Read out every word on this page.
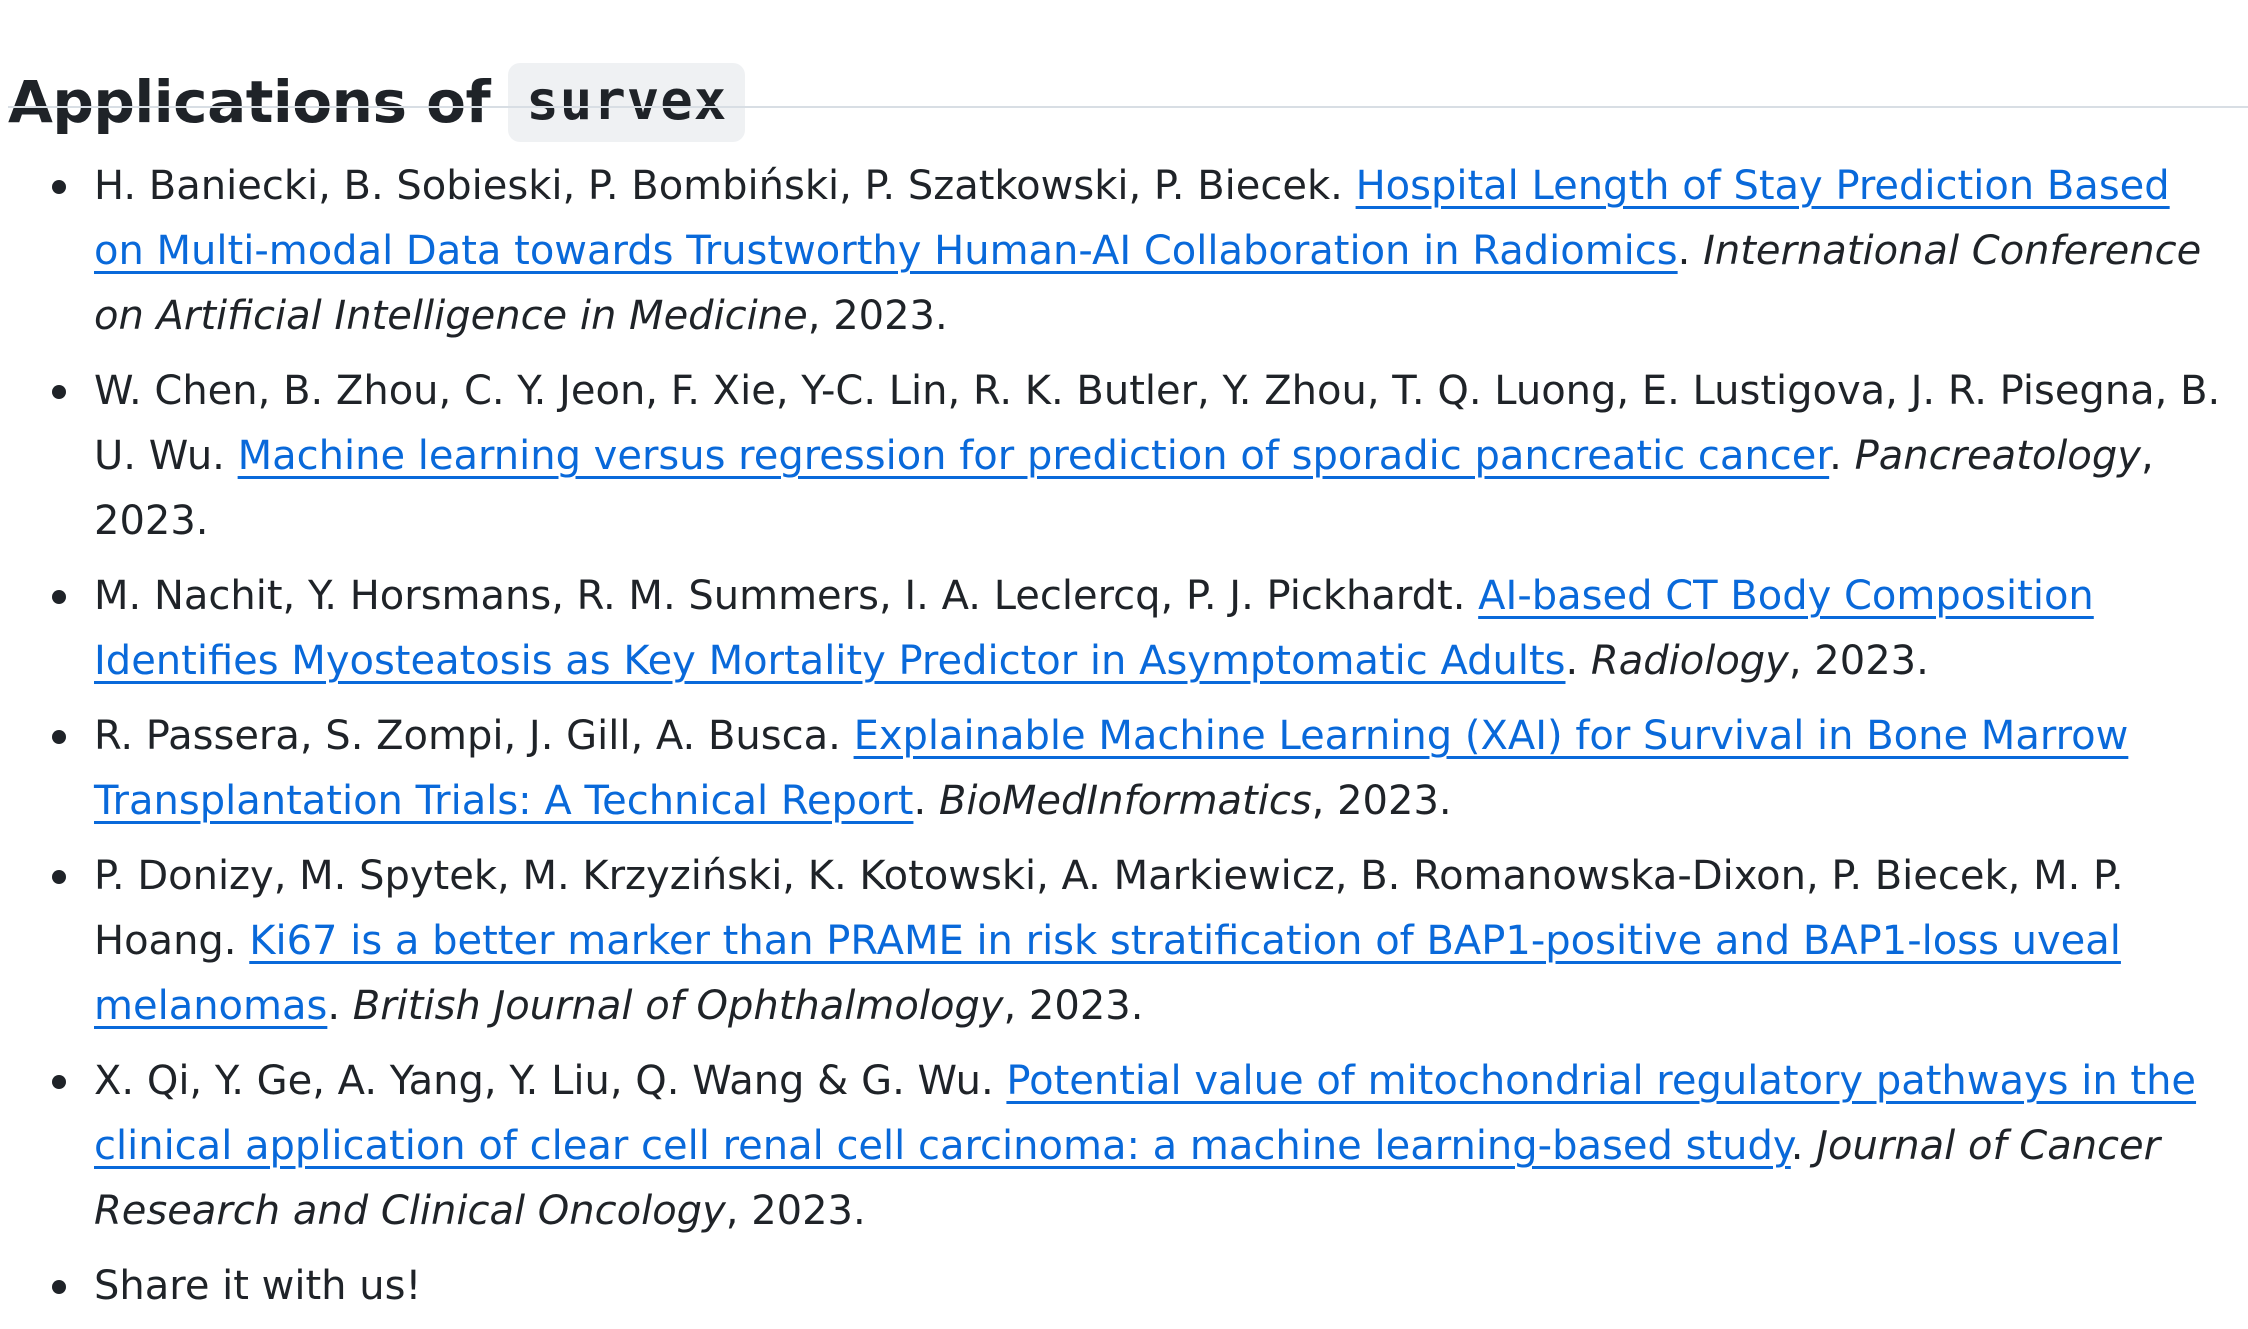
Applications of survex
H. Baniecki, B. Sobieski, P. Bombiński, P. Szatkowski, P. Biecek. Hospital Length of Stay Prediction Based on Multi-modal Data towards Trustworthy Human-AI Collaboration in Radiomics. International Conference on Artificial Intelligence in Medicine, 2023.
W. Chen, B. Zhou, C. Y. Jeon, F. Xie, Y-C. Lin, R. K. Butler, Y. Zhou, T. Q. Luong, E. Lustigova, J. R. Pisegna, B. U. Wu. Machine learning versus regression for prediction of sporadic pancreatic cancer. Pancreatology, 2023.
M. Nachit, Y. Horsmans, R. M. Summers, I. A. Leclercq, P. J. Pickhardt. AI-based CT Body Composition Identifies Myosteatosis as Key Mortality Predictor in Asymptomatic Adults. Radiology, 2023.
R. Passera, S. Zompi, J. Gill, A. Busca. Explainable Machine Learning (XAI) for Survival in Bone Marrow Transplantation Trials: A Technical Report. BioMedInformatics, 2023.
P. Donizy, M. Spytek, M. Krzyziński, K. Kotowski, A. Markiewicz, B. Romanowska-Dixon, P. Biecek, M. P. Hoang. Ki67 is a better marker than PRAME in risk stratification of BAP1-positive and BAP1-loss uveal melanomas. British Journal of Ophthalmology, 2023.
X. Qi, Y. Ge, A. Yang, Y. Liu, Q. Wang & G. Wu. Potential value of mitochondrial regulatory pathways in the clinical application of clear cell renal cell carcinoma: a machine learning-based study. Journal of Cancer Research and Clinical Oncology, 2023.
Share it with us!
